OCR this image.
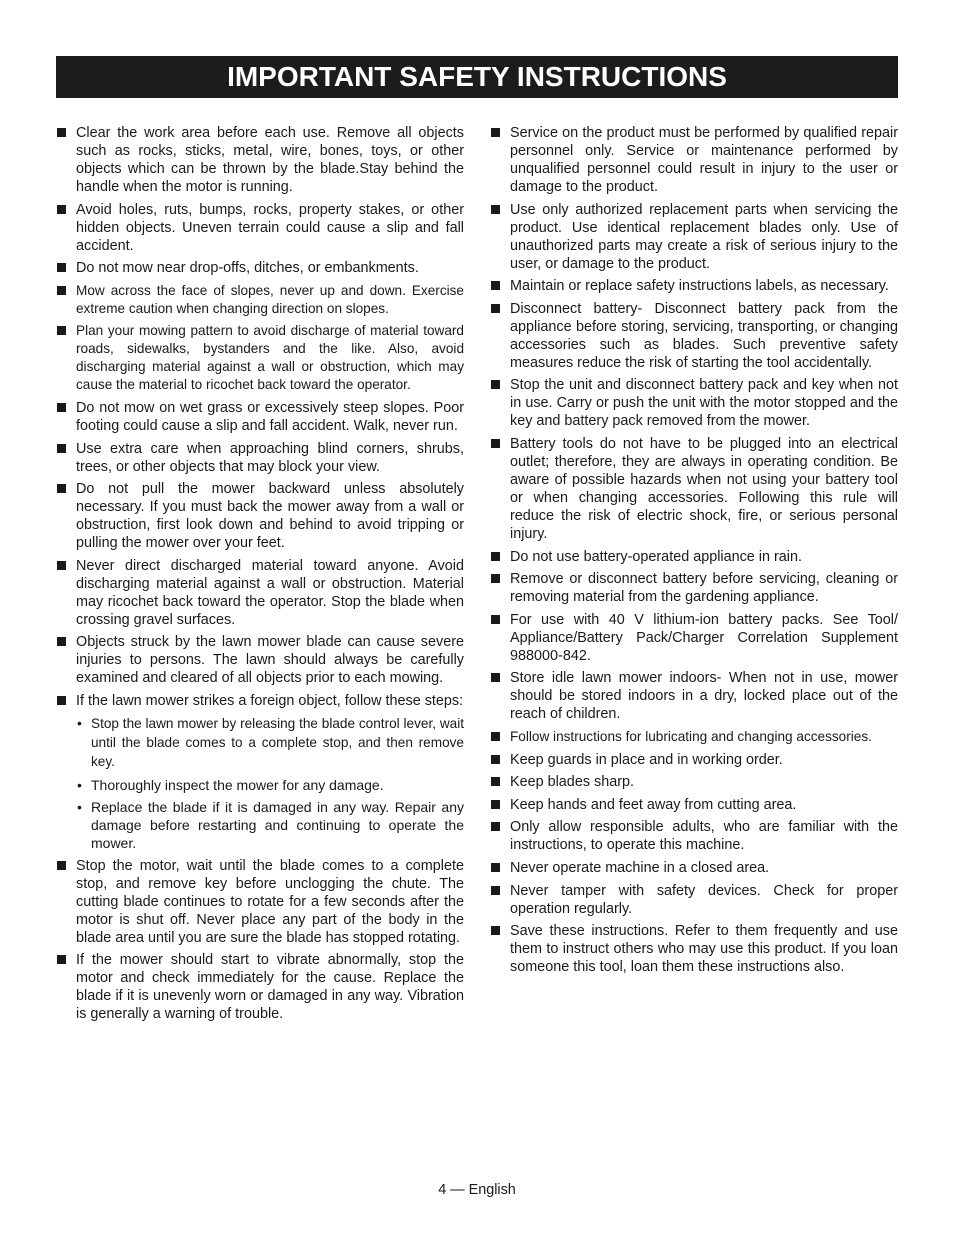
IMPORTANT SAFETY INSTRUCTIONS
Clear the work area before each use. Remove all objects such as rocks, sticks, metal, wire, bones, toys, or other objects which can be thrown by the blade.Stay behind the handle when the motor is running.
Avoid holes, ruts, bumps, rocks, property stakes, or other hidden objects. Uneven terrain could cause a slip and fall accident.
Do not mow near drop-offs, ditches, or embankments.
Mow across the face of slopes, never up and down. Exercise extreme caution when changing direction on slopes.
Plan your mowing pattern to avoid discharge of material toward roads, sidewalks, bystanders and the like. Also, avoid discharging material against a wall or obstruction, which may cause the material to ricochet back toward the operator.
Do not mow on wet grass or excessively steep slopes. Poor footing could cause a slip and fall accident. Walk, never run.
Use extra care when approaching blind corners, shrubs, trees, or other objects that may block your view.
Do not pull the mower backward unless absolutely necessary. If you must back the mower away from a wall or obstruction, first look down and behind to avoid tripping or pulling the mower over your feet.
Never direct discharged material toward anyone. Avoid discharging material against a wall or obstruction. Material may ricochet back toward the operator. Stop the blade when crossing gravel surfaces.
Objects struck by the lawn mower blade can cause severe injuries to persons. The lawn should always be carefully examined and cleared of all objects prior to each mowing.
If the lawn mower strikes a foreign object, follow these steps:
• Stop the lawn mower by releasing the blade control lever, wait until the blade comes to a complete stop, and then remove key.
• Thoroughly inspect the mower for any damage.
• Replace the blade if it is damaged in any way. Repair any damage before restarting and continuing to operate the mower.
Stop the motor, wait until the blade comes to a complete stop, and remove key before unclogging the chute. The cutting blade continues to rotate for a few seconds after the motor is shut off. Never place any part of the body in the blade area until you are sure the blade has stopped rotating.
If the mower should start to vibrate abnormally, stop the motor and check immediately for the cause. Replace the blade if it is unevenly worn or damaged in any way. Vibration is generally a warning of trouble.
Service on the product must be performed by qualified repair personnel only. Service or maintenance performed by unqualified personnel could result in injury to the user or damage to the product.
Use only authorized replacement parts when servicing the product. Use identical replacement blades only. Use of unauthorized parts may create a risk of serious injury to the user, or damage to the product.
Maintain or replace safety instructions labels, as necessary.
Disconnect battery- Disconnect battery pack from the appliance before storing, servicing, transporting, or changing accessories such as blades. Such preventive safety measures reduce the risk of starting the tool accidentally.
Stop the unit and disconnect battery pack and key when not in use. Carry or push the unit with the motor stopped and the key and battery pack removed from the mower.
Battery tools do not have to be plugged into an electrical outlet; therefore, they are always in operating condition. Be aware of possible hazards when not using your battery tool or when changing accessories. Following this rule will reduce the risk of electric shock, fire, or serious personal injury.
Do not use battery-operated appliance in rain.
Remove or disconnect battery before servicing, cleaning or removing material from the gardening appliance.
For use with 40 V lithium-ion battery packs. See Tool/ Appliance/Battery Pack/Charger Correlation Supplement 988000-842.
Store idle lawn mower indoors- When not in use, mower should be stored indoors in a dry, locked place out of the reach of children.
Follow instructions for lubricating and changing accessories.
Keep guards in place and in working order.
Keep blades sharp.
Keep hands and feet away from cutting area.
Only allow responsible adults, who are familiar with the instructions, to operate this machine.
Never operate machine in a closed area.
Never tamper with safety devices. Check for proper operation regularly.
Save these instructions. Refer to them frequently and use them to instruct others who may use this product. If you loan someone this tool, loan them these instructions also.
4 — English
